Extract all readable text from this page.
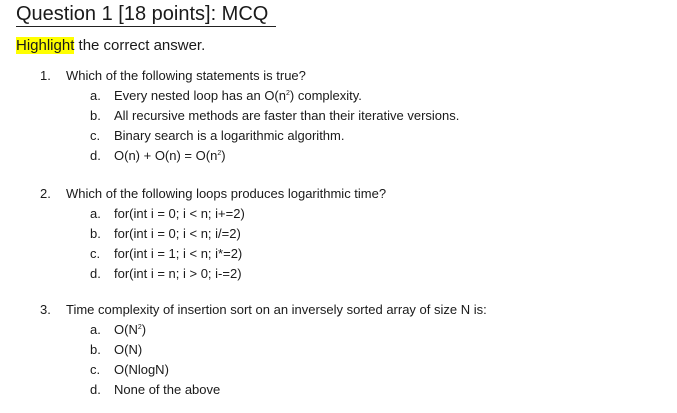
Question 1 [18 points]: MCQ
Highlight the correct answer.
1. Which of the following statements is true?
a. Every nested loop has an $O(n^2)$ complexity.
b. All recursive methods are faster than their iterative versions.
c. Binary search is a logarithmic algorithm.
d. $O(n) + O(n) = O(n^2)$
2. Which of the following loops produces logarithmic time?
a. for(int i = 0; i < n; i+=2)
b. for(int i = 0; i < n; i/=2)
c. for(int i = 1; i < n; i*=2)
d. for(int i = n; i > 0; i-=2)
3. Time complexity of insertion sort on an inversely sorted array of size N is:
a. $O(N^2)$
b. O(N)
c. O(NlogN)
d. None of the above
